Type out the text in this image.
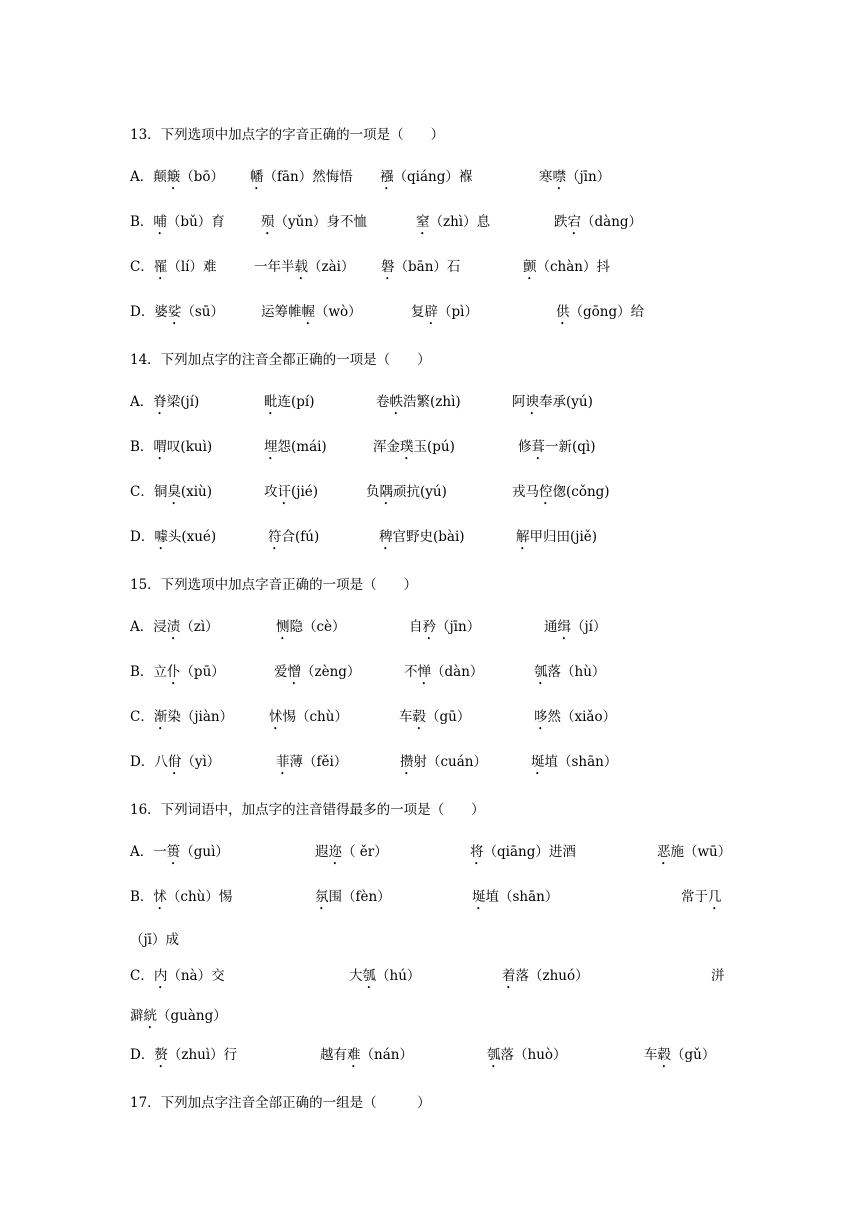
13．下列选项中加点字的字音正确的一项是（　　）
A．颠簸（bō） 幡（fān）然悔悟 襁（qiáng）褓	寒噤（jīn）
B．哺（bǔ）育	殒（yǔn）身不恤	窒（zhì）息	跌宕（dàng）
C．罹（lí）难	一年半载（zài） 磐（bān）石	颤（chàn）抖
D．婆娑（sū）	运筹帷幄（wò）	复辟（pì）	供（gōng）给
14．下列加点字的注音全都正确的一项是（　　）
A．脊梁(jí)	毗连(pí)	卷帙浩繁(zhì)	阿谀奉承(yú)
B．喟叹(kuì)	埋怨(mái)	浑金璞玉(pú)	修葺一新(qì)
C．铜臭(xiù)	攻讦(jié)	负隅顽抗(yú)	戎马倥偬(cǒng)
D．噱头(xué)	符合(fú)	稗官野史(bài)	解甲归田(jiě)
15．下列选项中加点字音正确的一项是（　　）
A．浸渍（zì）	恻隐（cè）	自矜（jīn）	通缉（jí）
B．立仆（pū）	爱憎（zèng）	不惮（dàn）	瓠落（hù）
C．渐染（jiàn）	怵惕（chù）	车毂（gū）	哆然（xiǎo）
D．八佾（yì）	菲薄（fěi）	攒射（cuán）	埏埴（shān）
16．下列词语中，加点字的注音错得最多的一项是（　　）
A．一篑（guì）	遐迩（ ěr）	将（qiāng）进酒	恶施（wū）
B．怵（chù）惕	氛围（fèn）	埏埴（shān）	常于几
（jī）成
C．内（nà）交	大瓠（hú）	着落（zhuó）	洴
澼絖（guàng）
D．赘（zhuì）行	越有难（nán）	瓠落（huò）	车毂（gǔ）
17．下列加点字注音全部正确的一组是（　　　）
